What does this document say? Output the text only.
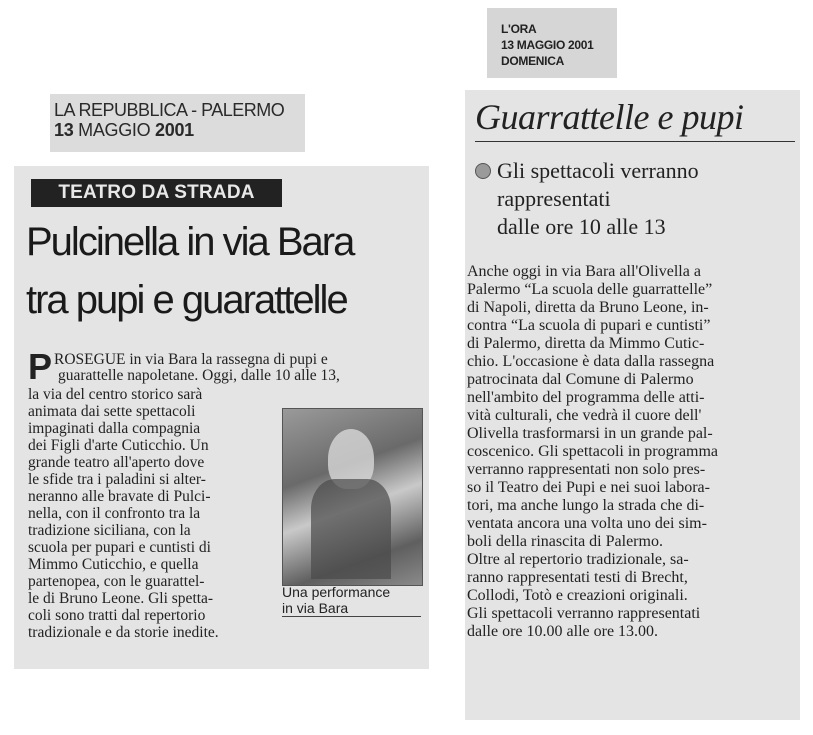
LA REPUBBLICA - PALERMO
13 MAGGIO 2001
TEATRO DA STRADA
Pulcinella in via Bara
tra pupi e guarattelle
PROSEGUE in via Bara la rassegna di pupi e
guarattelle napoletane. Oggi, dalle 10 alle 13,
la via del centro storico sarà
animata dai sette spettacoli
impaginati dalla compagnia
dei Figli d'arte Cuticchio. Un
grande teatro all'aperto dove
le sfide tra i paladini si alter-
neranno alle bravate di Pulci-
nella, con il confronto tra la
tradizione siciliana, con la
scuola per pupari e cuntisti di
Mimmo Cuticchio, e quella
partenopea, con le guarattel-
le di Bruno Leone. Gli spetta-
coli sono tratti dal repertorio
tradizionale e da storie inedite.
Una performance
in via Bara
L'ORA
13 MAGGIO 2001
DOMENICA
Guarrattelle e pupi
Gli spettacoli verranno
rappresentati
dalle ore 10 alle 13
Anche oggi in via Bara all'Olivella a
Palermo “La scuola delle guarrattelle”
di Napoli, diretta da Bruno Leone, in-
contra “La scuola di pupari e cuntisti”
di Palermo, diretta da Mimmo Cutic-
chio. L'occasione è data dalla rassegna
patrocinata dal Comune di Palermo
nell'ambito del programma delle atti-
vità culturali, che vedrà il cuore dell'
Olivella trasformarsi in un grande pal-
coscenico. Gli spettacoli in programma
verranno rappresentati non solo pres-
so il Teatro dei Pupi e nei suoi labora-
tori, ma anche lungo la strada che di-
ventata ancora una volta uno dei sim-
boli della rinascita di Palermo.
Oltre al repertorio tradizionale, sa-
ranno rappresentati testi di Brecht,
Collodi, Totò e creazioni originali.
Gli spettacoli verranno rappresentati
dalle ore 10.00 alle ore 13.00.
